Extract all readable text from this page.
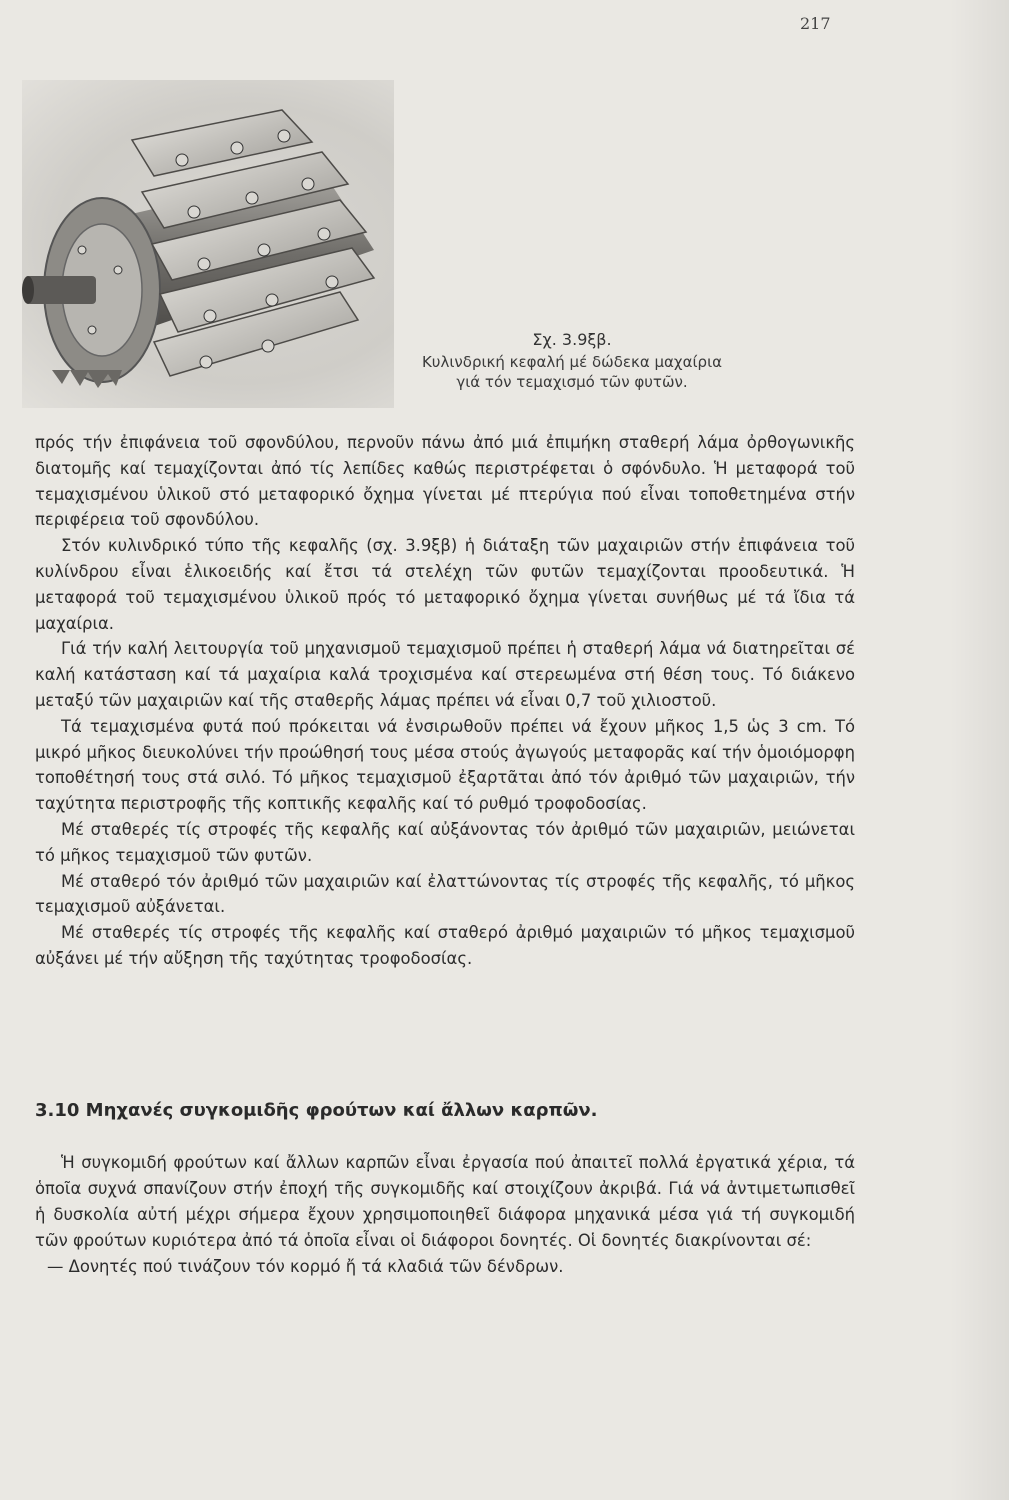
217
Σχ. 3.9ξβ.
Κυλινδρική κεφαλή μέ δώδεκα μαχαίρια
γιά τόν τεμαχισμό τῶν φυτῶν.

πρός τήν ἐπιφάνεια τοῦ σφονδύλου, περνοῦν πάνω ἀπό μιά ἐπιμήκη σταθερή λάμα ὀρθογωνικῆς διατομῆς καί τεμαχίζονται ἀπό τίς λεπίδες καθώς περιστρέφεται ὁ σφόνδυλο. Ἡ μεταφορά τοῦ τεμαχισμένου ὑλικοῦ στό μεταφορικό ὄχημα γίνεται μέ πτερύγια πού εἶναι τοποθετημένα στήν περιφέρεια τοῦ σφονδύλου.

Στόν κυλινδρικό τύπο τῆς κεφαλῆς (σχ. 3.9ξβ) ἡ διάταξη τῶν μαχαιριῶν στήν ἐπιφάνεια τοῦ κυλίνδρου εἶναι ἑλικοειδής καί ἔτσι τά στελέχη τῶν φυτῶν τεμαχίζονται προοδευτικά. Ἡ μεταφορά τοῦ τεμαχισμένου ὑλικοῦ πρός τό μεταφορικό ὄχημα γίνεται συνήθως μέ τά ἴδια τά μαχαίρια.

Γιά τήν καλή λειτουργία τοῦ μηχανισμοῦ τεμαχισμοῦ πρέπει ἡ σταθερή λάμα νά διατηρεῖται σέ καλή κατάσταση καί τά μαχαίρια καλά τροχισμένα καί στερεωμένα στή θέση τους. Τό διάκενο μεταξύ τῶν μαχαιριῶν καί τῆς σταθερῆς λάμας πρέπει νά εἶναι 0,7 τοῦ χιλιοστοῦ.

Τά τεμαχισμένα φυτά πού πρόκειται νά ἐνσιρωθοῦν πρέπει νά ἔχουν μῆκος 1,5 ὡς 3 cm. Τό μικρό μῆκος διευκολύνει τήν προώθησή τους μέσα στούς ἀγωγούς μεταφορᾶς καί τήν ὁμοιόμορφη τοποθέτησή τους στά σιλό. Τό μῆκος τεμαχισμοῦ ἐξαρτᾶται ἀπό τόν ἀριθμό τῶν μαχαιριῶν, τήν ταχύτητα περιστροφῆς τῆς κοπτικῆς κεφαλῆς καί τό ρυθμό τροφοδοσίας.

Μέ σταθερές τίς στροφές τῆς κεφαλῆς καί αὐξάνοντας τόν ἀριθμό τῶν μαχαιριῶν, μειώνεται τό μῆκος τεμαχισμοῦ τῶν φυτῶν.

Μέ σταθερό τόν ἀριθμό τῶν μαχαιριῶν καί ἐλαττώνοντας τίς στροφές τῆς κεφαλῆς, τό μῆκος τεμαχισμοῦ αὐξάνεται.

Μέ σταθερές τίς στροφές τῆς κεφαλῆς καί σταθερό ἀριθμό μαχαιριῶν τό μῆκος τεμαχισμοῦ αὐξάνει μέ τήν αὔξηση τῆς ταχύτητας τροφοδοσίας.

3.10 Μηχανές συγκομιδῆς φρούτων καί ἄλλων καρπῶν.

Ἡ συγκομιδή φρούτων καί ἄλλων καρπῶν εἶναι ἐργασία πού ἀπαιτεῖ πολλά ἐργατικά χέρια, τά ὁποῖα συχνά σπανίζουν στήν ἐποχή τῆς συγκομιδῆς καί στοιχίζουν ἀκριβά. Γιά νά ἀντιμετωπισθεῖ ἡ δυσκολία αὐτή μέχρι σήμερα ἔχουν χρησιμοποιηθεῖ διάφορα μηχανικά μέσα γιά τή συγκομιδή τῶν φρούτων κυριότερα ἀπό τά ὁποῖα εἶναι οἱ διάφοροι δονητές. Οἱ δονητές διακρίνονται σέ:

— Δονητές πού τινάζουν τόν κορμό ἤ τά κλαδιά τῶν δένδρων.
